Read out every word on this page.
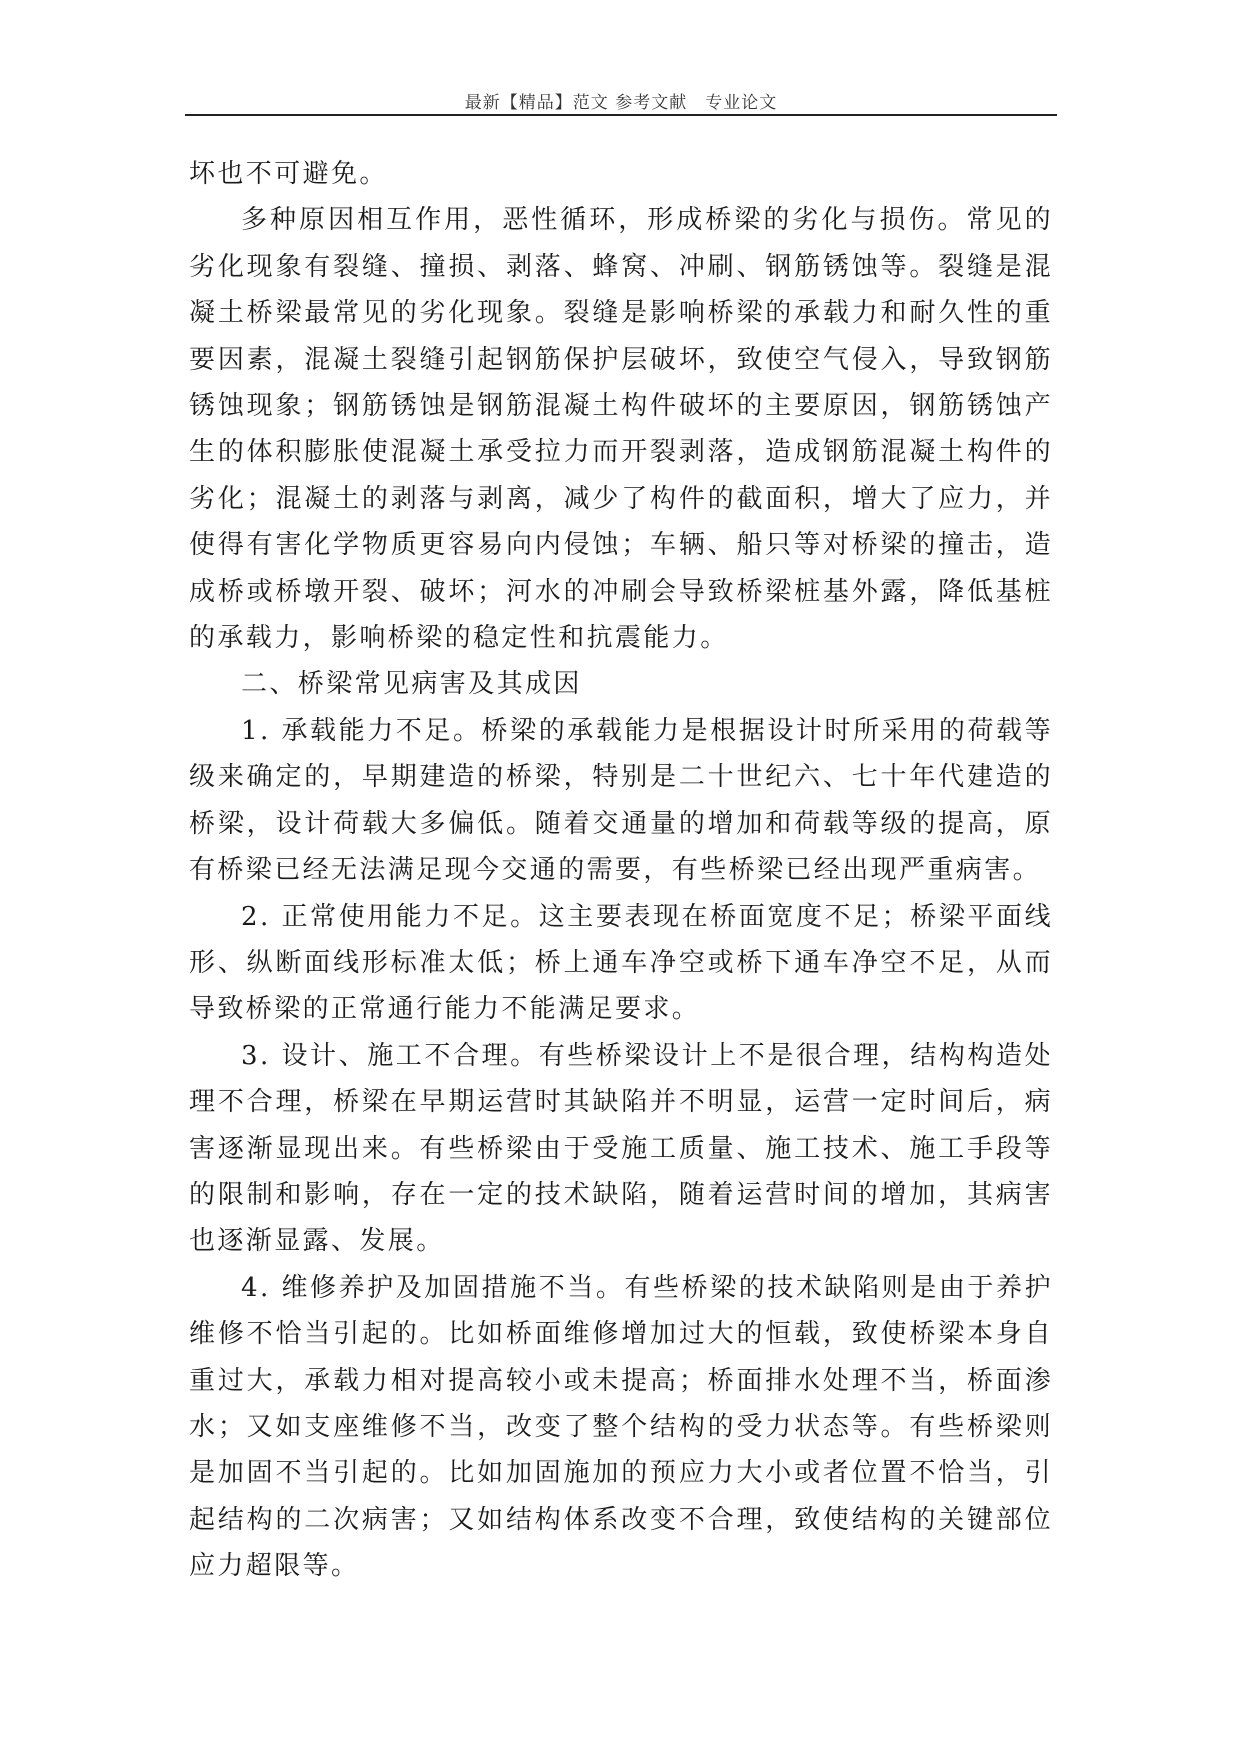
最新【精品】范文 参考文献　专业论文

坏也不可避免。

多种原因相互作用，恶性循环，形成桥梁的劣化与损伤。常见的劣化现象有裂缝、撞损、剥落、蜂窝、冲刷、钢筋锈蚀等。裂缝是混凝土桥梁最常见的劣化现象。裂缝是影响桥梁的承载力和耐久性的重要因素，混凝土裂缝引起钢筋保护层破坏，致使空气侵入，导致钢筋锈蚀现象；钢筋锈蚀是钢筋混凝土构件破坏的主要原因，钢筋锈蚀产生的体积膨胀使混凝土承受拉力而开裂剥落，造成钢筋混凝土构件的劣化；混凝土的剥落与剥离，减少了构件的截面积，增大了应力，并使得有害化学物质更容易向内侵蚀；车辆、船只等对桥梁的撞击，造成桥或桥墩开裂、破坏；河水的冲刷会导致桥梁桩基外露，降低基桩的承载力，影响桥梁的稳定性和抗震能力。

二、桥梁常见病害及其成因

1. 承载能力不足。桥梁的承载能力是根据设计时所采用的荷载等级来确定的，早期建造的桥梁，特别是二十世纪六、七十年代建造的桥梁，设计荷载大多偏低。随着交通量的增加和荷载等级的提高，原有桥梁已经无法满足现今交通的需要，有些桥梁已经出现严重病害。

2. 正常使用能力不足。这主要表现在桥面宽度不足；桥梁平面线形、纵断面线形标准太低；桥上通车净空或桥下通车净空不足，从而导致桥梁的正常通行能力不能满足要求。

3. 设计、施工不合理。有些桥梁设计上不是很合理，结构构造处理不合理，桥梁在早期运营时其缺陷并不明显，运营一定时间后，病害逐渐显现出来。有些桥梁由于受施工质量、施工技术、施工手段等的限制和影响，存在一定的技术缺陷，随着运营时间的增加，其病害也逐渐显露、发展。

4. 维修养护及加固措施不当。有些桥梁的技术缺陷则是由于养护维修不恰当引起的。比如桥面维修增加过大的恒载，致使桥梁本身自重过大，承载力相对提高较小或未提高；桥面排水处理不当，桥面渗水；又如支座维修不当，改变了整个结构的受力状态等。有些桥梁则是加固不当引起的。比如加固施加的预应力大小或者位置不恰当，引起结构的二次病害；又如结构体系改变不合理，致使结构的关键部位应力超限等。
